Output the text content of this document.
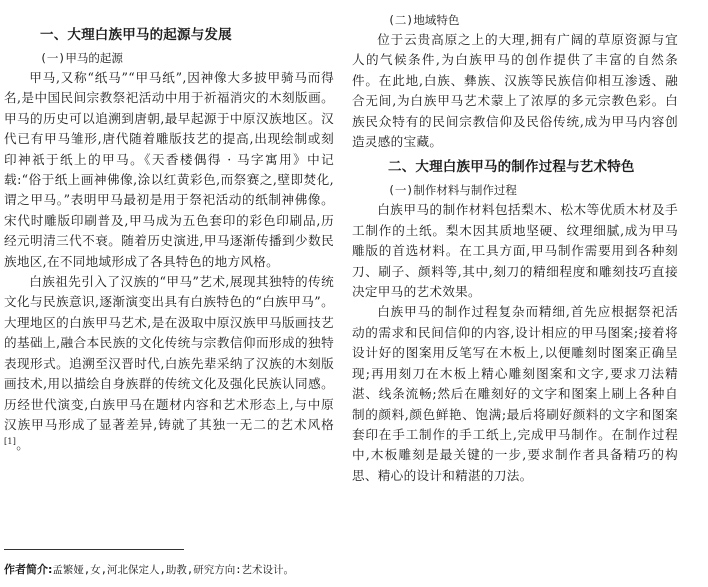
一、大理白族甲马的起源与发展
(一)甲马的起源

甲马,又称“纸马”“甲马纸”,因神像大多披甲骑马而得名,是中国民间宗教祭祀活动中用于祈福消灾的木刻版画。甲马的历史可以追溯到唐朝,最早起源于中原汉族地区。汉代已有甲马雏形,唐代随着雕版技艺的提高,出现绘制或刻印神祇于纸上的甲马。《天香楼偶得 · 马字寓用》中记载:“俗于纸上画神佛像,涂以红黄彩色,而祭赛之,壁即焚化,谓之甲马。”表明甲马最初是用于祭祀活动的纸制神佛像。宋代时雕版印刷普及,甲马成为五色套印的彩色印刷品,历经元明清三代不衰。随着历史演进,甲马逐渐传播到少数民族地区,在不同地域形成了各具特色的地方风格。

白族祖先引入了汉族的“甲马”艺术,展现其独特的传统文化与民族意识,逐渐演变出具有白族特色的“白族甲马”。大理地区的白族甲马艺术,是在汲取中原汉族甲马版画技艺的基础上,融合本民族的文化传统与宗教信仰而形成的独特表现形式。追溯至汉晋时代,白族先辈采纳了汉族的木刻版画技术,用以描绘自身族群的传统文化及强化民族认同感。历经世代演变,白族甲马在题材内容和艺术形态上,与中原汉族甲马形成了显著差异,铸就了其独一无二的艺术风格[1]。

(二)地域特色

位于云贵高原之上的大理,拥有广阔的草原资源与宜人的气候条件,为白族甲马的创作提供了丰富的自然条件。在此地,白族、彝族、汉族等民族信仰相互渗透、融合无间,为白族甲马艺术蒙上了浓厚的多元宗教色彩。白族民众特有的民间宗教信仰及民俗传统,成为甲马内容创造灵感的宝藏。

二、大理白族甲马的制作过程与艺术特色
(一)制作材料与制作过程

白族甲马的制作材料包括梨木、松木等优质木材及手工制作的土纸。梨木因其质地坚硬、纹理细腻,成为甲马雕版的首选材料。在工具方面,甲马制作需要用到各种刻刀、刷子、颜料等,其中,刻刀的精细程度和雕刻技巧直接决定甲马的艺术效果。

白族甲马的制作过程复杂而精细,首先应根据祭祀活动的需求和民间信仰的内容,设计相应的甲马图案;接着将设计好的图案用反笔写在木板上,以便雕刻时图案正确呈现;再用刻刀在木板上精心雕刻图案和文字,要求刀法精湛、线条流畅;然后在雕刻好的文字和图案上刷上各种自制的颜料,颜色鲜艳、饱满;最后将刷好颜料的文字和图案套印在手工制作的手工纸上,完成甲马制作。在制作过程中,木板雕刻是最关键的一步,要求制作者具备精巧的构思、精心的设计和精湛的刀法。

作者简介:孟繁娅,女,河北保定人,助教,研究方向:艺术设计。
